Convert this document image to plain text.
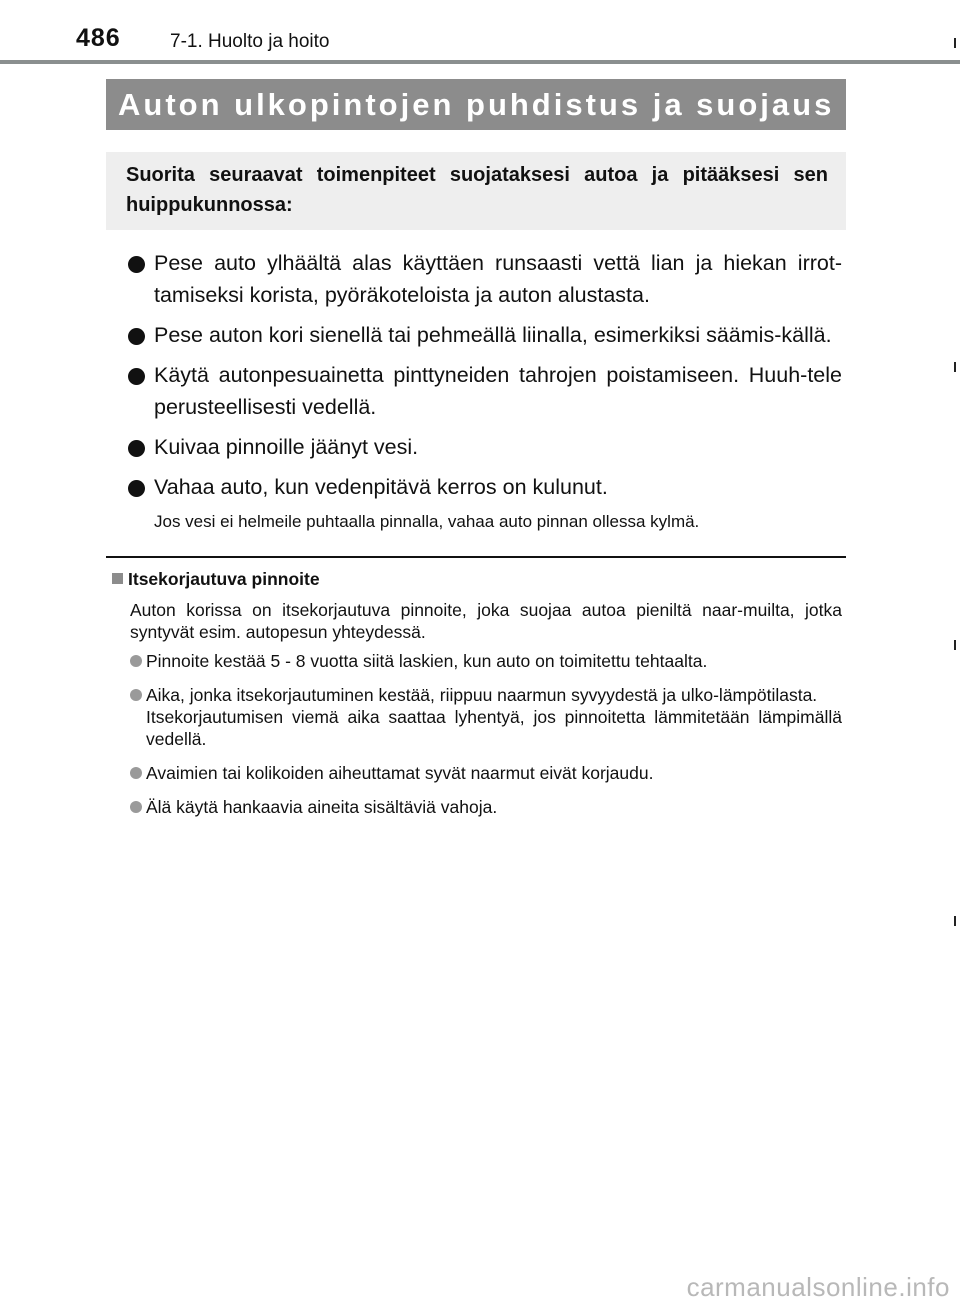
486	7-1. Huolto ja hoito
Auton ulkopintojen puhdistus ja suojaus
Suorita seuraavat toimenpiteet suojataksesi autoa ja pitääksesi sen huippukunnossa:
Pese auto ylhäältä alas käyttäen runsaasti vettä lian ja hiekan irrot-tamiseksi korista, pyöräkoteloista ja auton alustasta.
Pese auton kori sienellä tai pehmeällä liinalla, esimerkiksi säämis-källä.
Käytä autonpesuainetta pinttyneiden tahrojen poistamiseen. Huuh-tele perusteellisesti vedellä.
Kuivaa pinnoille jäänyt vesi.
Vahaa auto, kun vedenpitävä kerros on kulunut.
Jos vesi ei helmeile puhtaalla pinnalla, vahaa auto pinnan ollessa kylmä.
Itsekorjautuva pinnoite
Auton korissa on itsekorjautuva pinnoite, joka suojaa autoa pieniltä naar-muilta, jotka syntyvät esim. autopesun yhteydessä.
Pinnoite kestää 5 - 8 vuotta siitä laskien, kun auto on toimitettu tehtaalta.
Aika, jonka itsekorjautuminen kestää, riippuu naarmun syvyydestä ja ulko-lämpötilasta.
Itsekorjautumisen viemä aika saattaa lyhentyä, jos pinnoitetta lämmitetään lämpimällä vedellä.
Avaimien tai kolikoiden aiheuttamat syvät naarmut eivät korjaudu.
Älä käytä hankaavia aineita sisältäviä vahoja.
carmanualsonline.info
